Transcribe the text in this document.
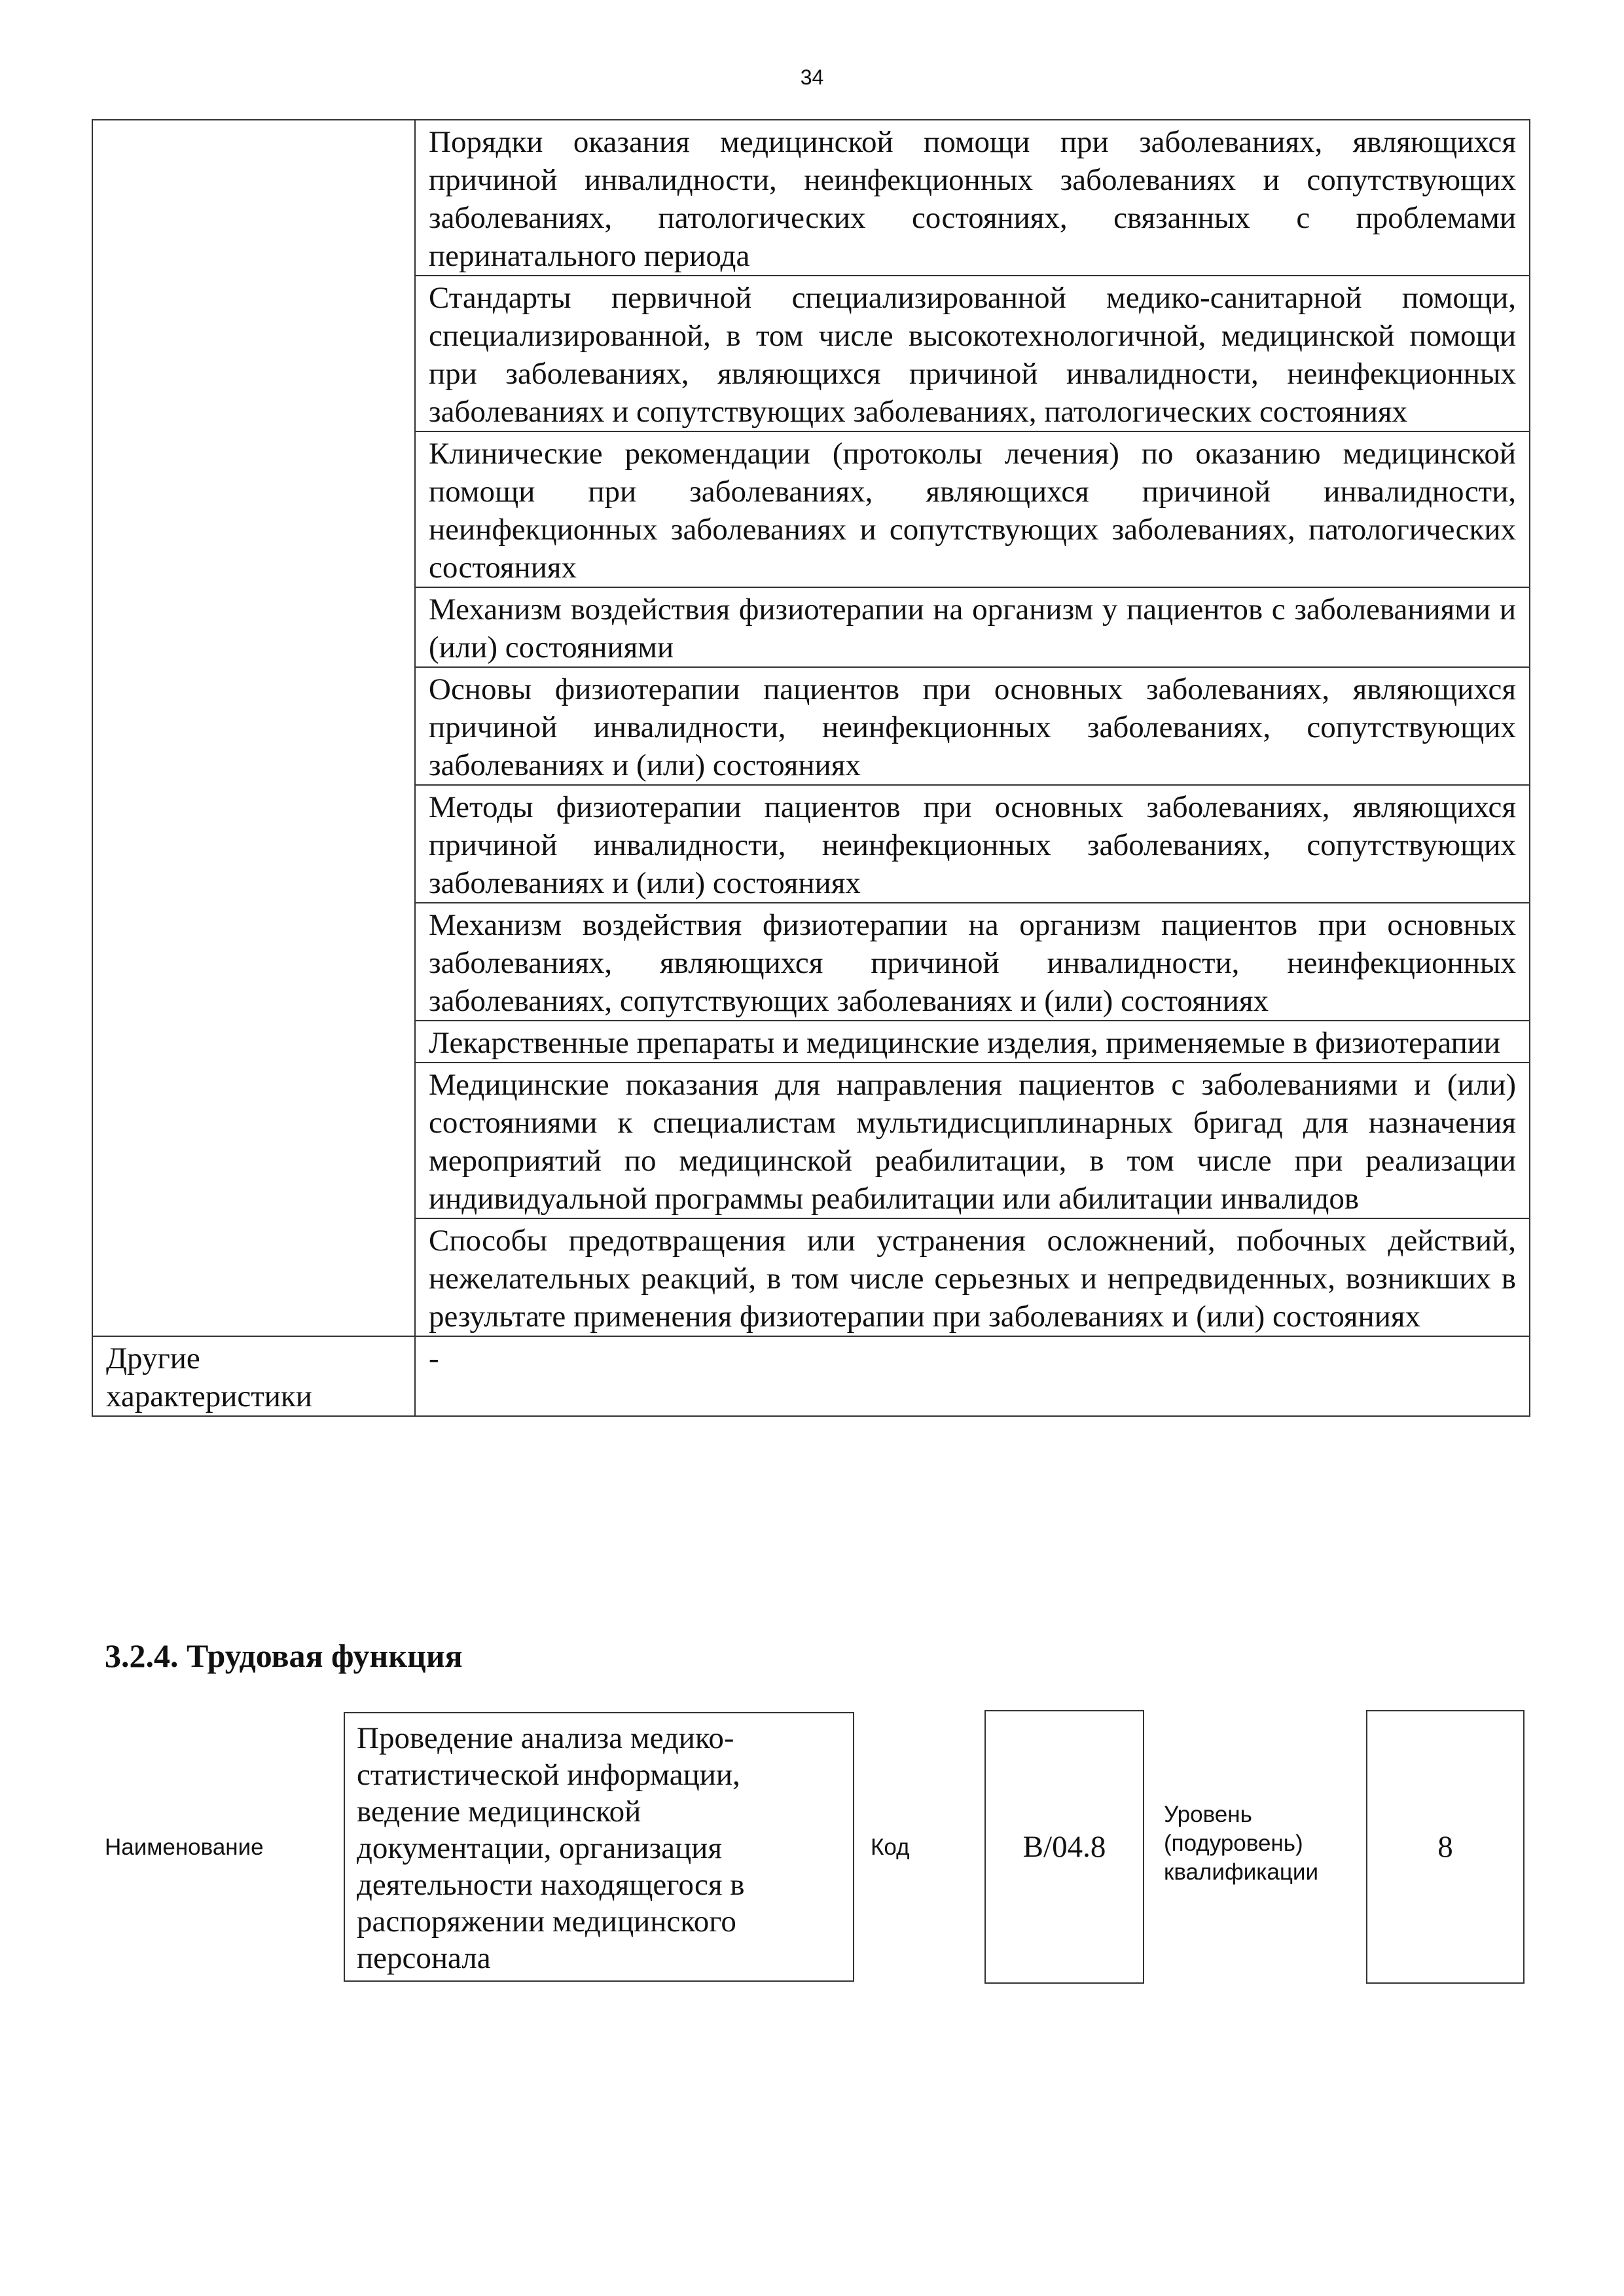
34

	Порядки оказания медицинской помощи при заболеваниях, являющихся причиной инвалидности, неинфекционных заболеваниях и сопутствующих заболеваниях, патологических состояниях, связанных с проблемами перинатального периода

	Стандарты первичной специализированной медико-санитарной помощи, специализированной, в том числе высокотехнологичной, медицинской помощи при заболеваниях, являющихся причиной инвалидности, неинфекционных заболеваниях и сопутствующих заболеваниях, патологических состояниях

	Клинические рекомендации (протоколы лечения) по оказанию медицинской помощи при заболеваниях, являющихся причиной инвалидности, неинфекционных заболеваниях и сопутствующих заболеваниях, патологических состояниях

	Механизм воздействия физиотерапии на организм у пациентов с заболеваниями и (или) состояниями

	Основы физиотерапии пациентов при основных заболеваниях, являющихся причиной инвалидности, неинфекционных заболеваниях, сопутствующих заболеваниях и (или) состояниях

	Методы физиотерапии пациентов при основных заболеваниях, являющихся причиной инвалидности, неинфекционных заболеваниях, сопутствующих заболеваниях и (или) состояниях

	Механизм воздействия физиотерапии на организм пациентов при основных заболеваниях, являющихся причиной инвалидности, неинфекционных заболеваниях, сопутствующих заболеваниях и (или) состояниях

	Лекарственные препараты и медицинские изделия, применяемые в физиотерапии

	Медицинские показания для направления пациентов с заболеваниями и (или) состояниями к специалистам мультидисциплинарных бригад для назначения мероприятий по медицинской реабилитации, в том числе при реализации индивидуальной программы реабилитации или абилитации инвалидов

	Способы предотвращения или устранения осложнений, побочных действий, нежелательных реакций, в том числе серьезных и непредвиденных, возникших в результате применения физиотерапии при заболеваниях и (или) состояниях

Другие характеристики	-
3.2.4. Трудовая функция
Наименование
Проведение анализа медико-статистической информации, ведение медицинской документации, организация деятельности находящегося в распоряжении медицинского персонала
Код	B/04.8
Уровень (подуровень) квалификации
8
